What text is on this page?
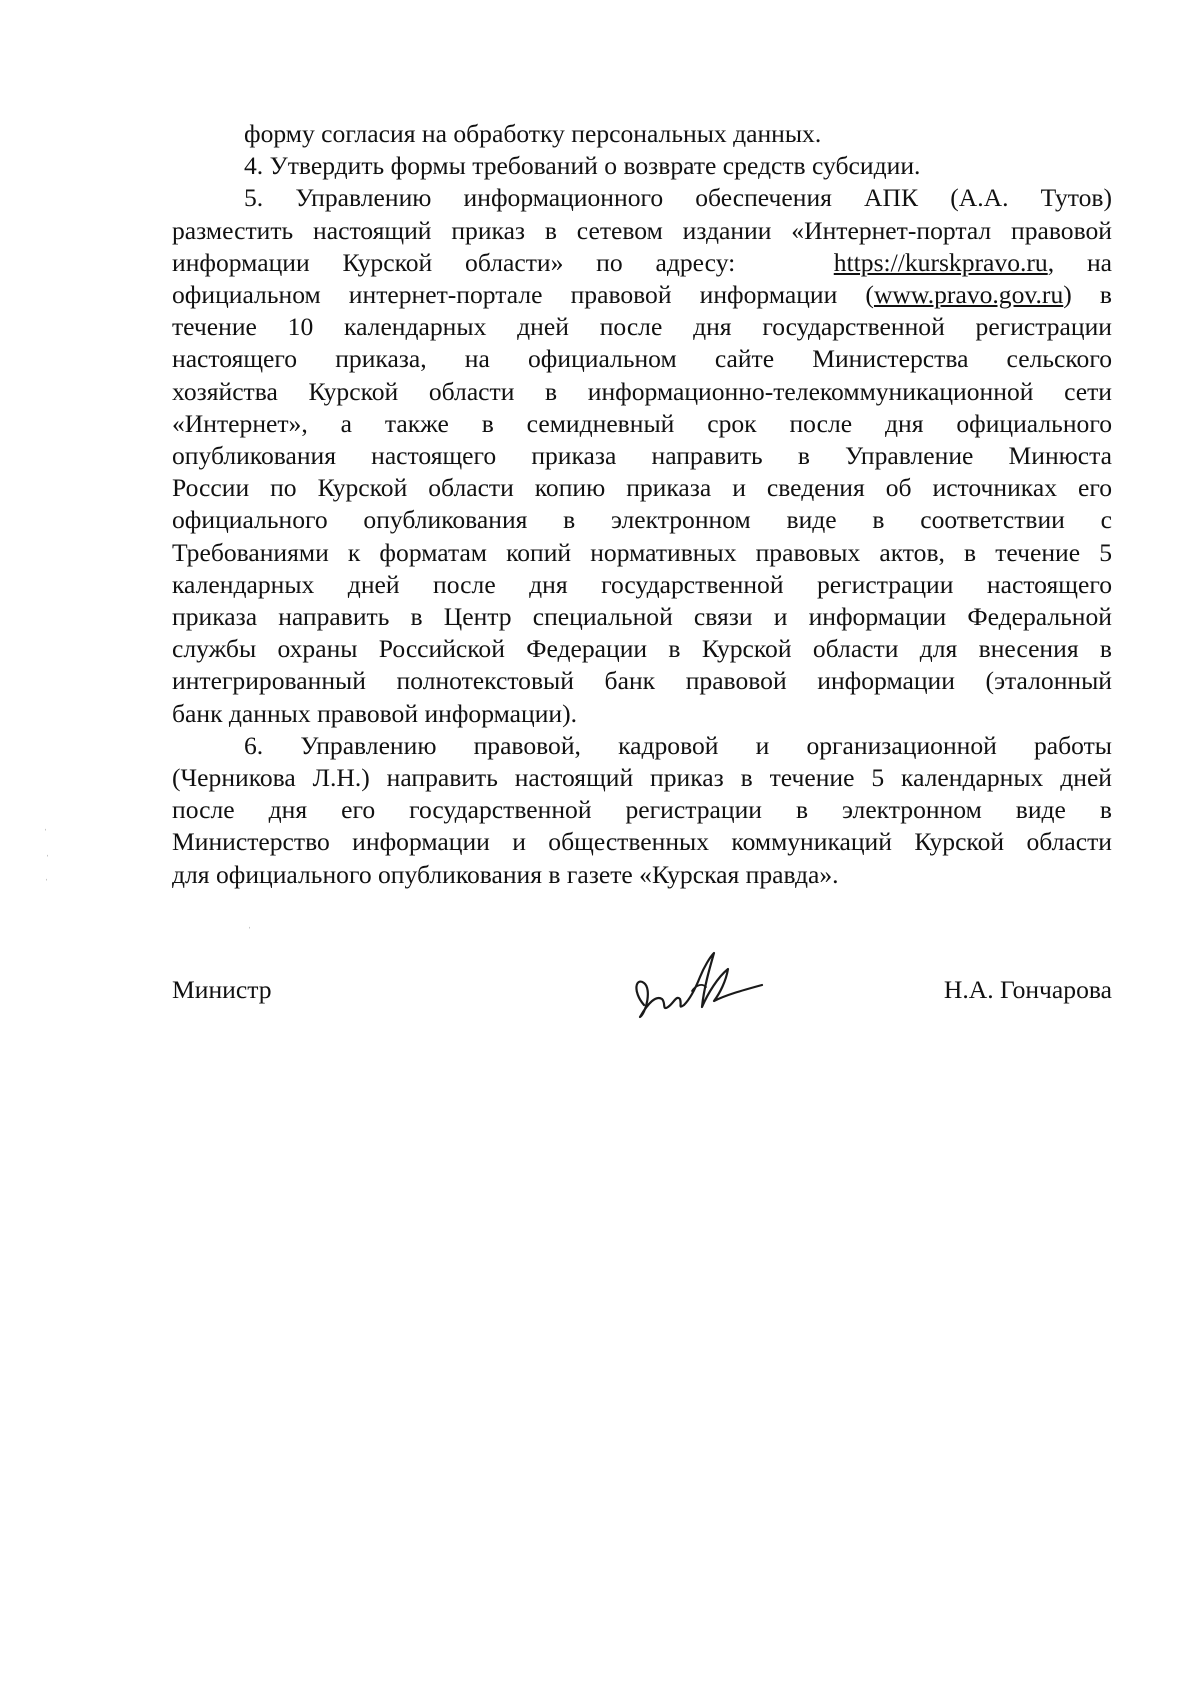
форму согласия на обработку персональных данных.

4. Утвердить формы требований о возврате средств субсидии.

5. Управлению информационного обеспечения АПК (А.А. Тутов)
разместить настоящий приказ в сетевом издании «Интернет-портал правовой
информации Курской области» по адресу:	https://kurskpravo.ru, на
официальном интернет-портале правовой информации (www.pravo.gov.ru) в
течение 10 календарных дней после дня государственной регистрации
настоящего приказа, на официальном сайте Министерства сельского
хозяйства Курской области в информационно-телекоммуникационной сети
«Интернет», а также в семидневный срок после дня официального
опубликования настоящего приказа направить в Управление Минюста
России по Курской области копию приказа и сведения об источниках его
официального опубликования в электронном виде в соответствии с
Требованиями к форматам копий нормативных правовых актов, в течение 5
календарных дней после дня государственной регистрации настоящего
приказа направить в Центр специальной связи и информации Федеральной
службы охраны Российской Федерации в Курской области для внесения в
интегрированный полнотекстовый банк правовой информации (эталонный
банк данных правовой информации).
6. Управлению правовой, кадровой и организационной работы
(Черникова Л.Н.) направить настоящий приказ в течение 5 календарных дней
после дня его государственной регистрации в электронном виде в
Министерство информации и общественных коммуникаций Курской области
для официального опубликования в газете «Курская правда».
Министр	Н.А. Гончарова
ˌ
ˌ
ˌ
ˌ
